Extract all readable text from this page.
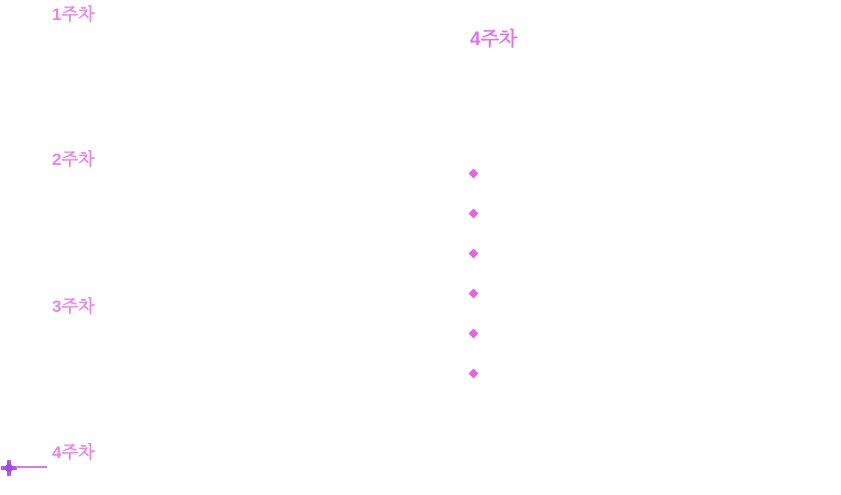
1주차
2주차
3주차
4주차
4주차
